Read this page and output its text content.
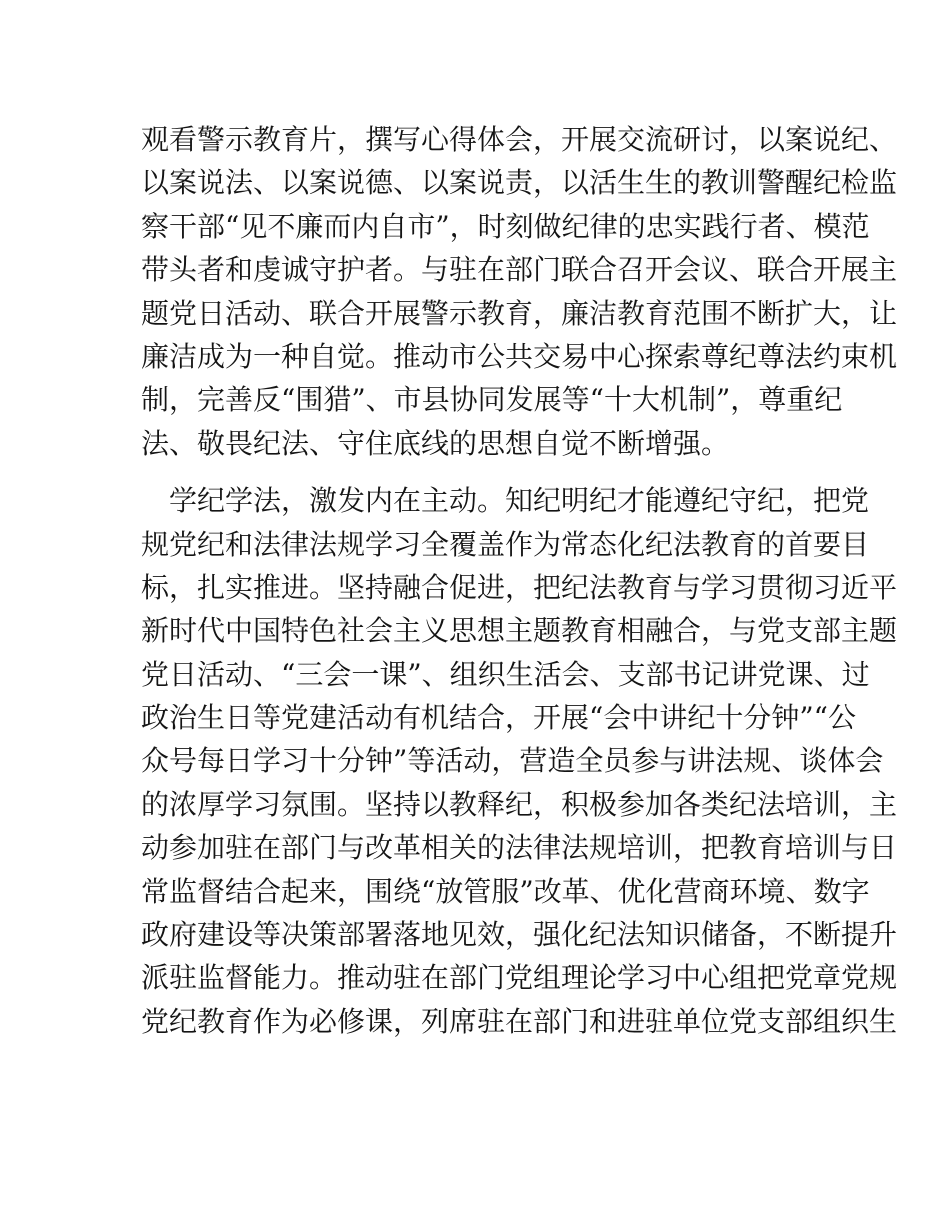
观看警示教育片，撰写心得体会，开展交流研讨，以案说纪、
以案说法、以案说德、以案说责，以活生生的教训警醒纪检监
察干部“见不廉而内自市”，时刻做纪律的忠实践行者、模范
带头者和虔诚守护者。与驻在部门联合召开会议、联合开展主
题党日活动、联合开展警示教育，廉洁教育范围不断扩大，让
廉洁成为一种自觉。推动市公共交易中心探索尊纪尊法约束机
制，完善反“围猎”、市县协同发展等“十大机制”，尊重纪
法、敬畏纪法、守住底线的思想自觉不断增强。
　学纪学法，激发内在主动。知纪明纪才能遵纪守纪，把党
规党纪和法律法规学习全覆盖作为常态化纪法教育的首要目
标，扎实推进。坚持融合促进，把纪法教育与学习贯彻习近平
新时代中国特色社会主义思想主题教育相融合，与党支部主题
党日活动、“三会一课”、组织生活会、支部书记讲党课、过
政治生日等党建活动有机结合，开展“会中讲纪十分钟”“公
众号每日学习十分钟”等活动，营造全员参与讲法规、谈体会
的浓厚学习氛围。坚持以教释纪，积极参加各类纪法培训，主
动参加驻在部门与改革相关的法律法规培训，把教育培训与日
常监督结合起来，围绕“放管服”改革、优化营商环境、数字
政府建设等决策部署落地见效，强化纪法知识储备，不断提升
派驻监督能力。推动驻在部门党组理论学习中心组把党章党规
党纪教育作为必修课，列席驻在部门和进驻单位党支部组织生
